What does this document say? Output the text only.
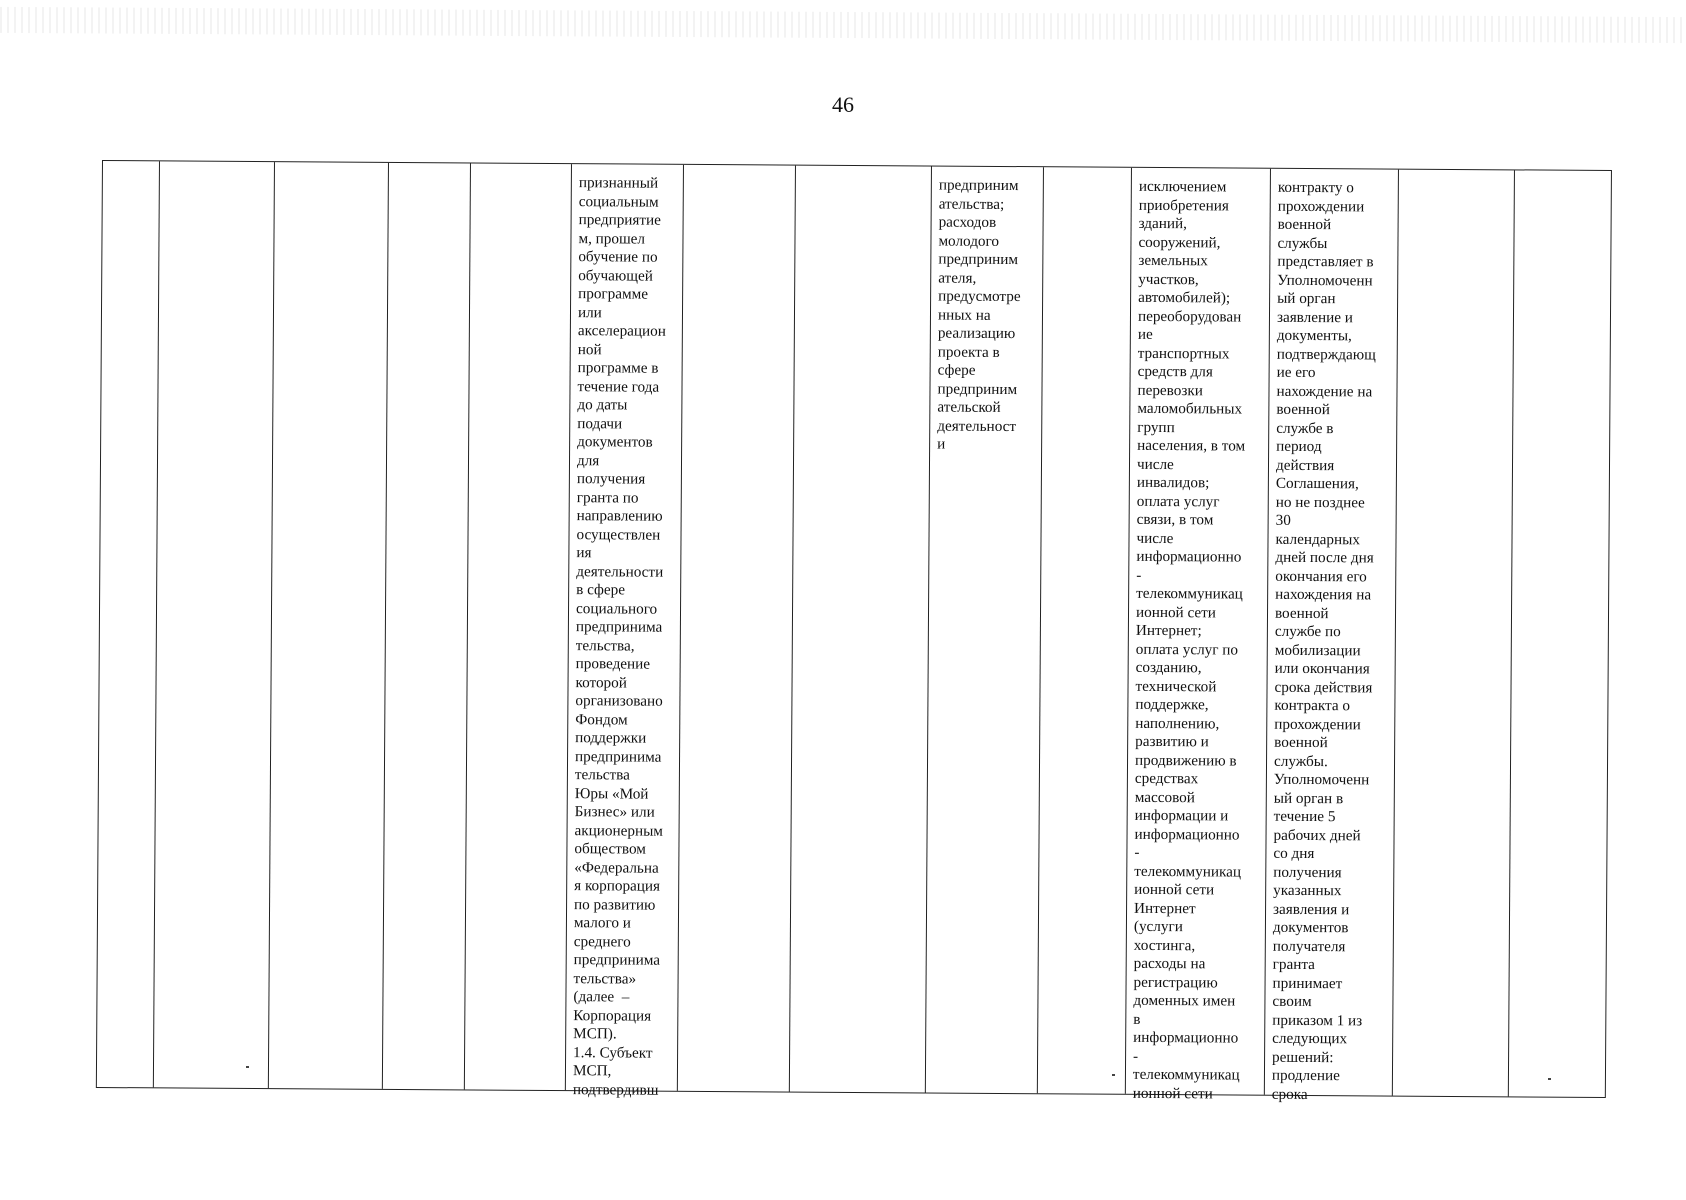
46
признанный
социальным
предприятие
м, прошел
обучение по
обучающей
программе
или
акселерацион
ной
программе в
течение года
до даты
подачи
документов
для
получения
гранта по
направлению
осуществлен
ия
деятельности
в сфере
социального
предпринима
тельства,
проведение
которой
организовано
Фондом
поддержки
предпринима
тельства
Юры «Мой
Бизнес» или
акционерным
обществом
«Федеральна
я корпорация
по развитию
малого и
среднего
предпринима
тельства»
(далее  –
Корпорация
МСП).
1.4. Субъект
МСП,
подтвердивш
предприним
ательства;
расходов
молодого
предприним
ателя,
предусмотре
нных на
реализацию
проекта в
сфере
предприним
ательской
деятельност
и
исключением
приобретения
зданий,
сооружений,
земельных
участков,
автомобилей);
переоборудован
ие
транспортных
средств для
перевозки
маломобильных
групп
населения, в том
числе
инвалидов;
оплата услуг
связи, в том
числе
информационно
-
телекоммуникац
ионной сети
Интернет;
оплата услуг по
созданию,
технической
поддержке,
наполнению,
развитию и
продвижению в
средствах
массовой
информации и
информационно
-
телекоммуникац
ионной сети
Интернет
(услуги
хостинга,
расходы на
регистрацию
доменных имен
в
информационно
-
телекоммуникац
ионной сети
контракту о
прохождении
военной
службы
представляет в
Уполномоченн
ый орган
заявление и
документы,
подтверждающ
ие его
нахождение на
военной
службе в
период
действия
Соглашения,
но не позднее
30
календарных
дней после дня
окончания его
нахождения на
военной
службе по
мобилизации
или окончания
срока действия
контракта о
прохождении
военной
службы.
Уполномоченн
ый орган в
течение 5
рабочих дней
со дня
получения
указанных
заявления и
документов
получателя
гранта
принимает
своим
приказом 1 из
следующих
решений:
продление
срока
